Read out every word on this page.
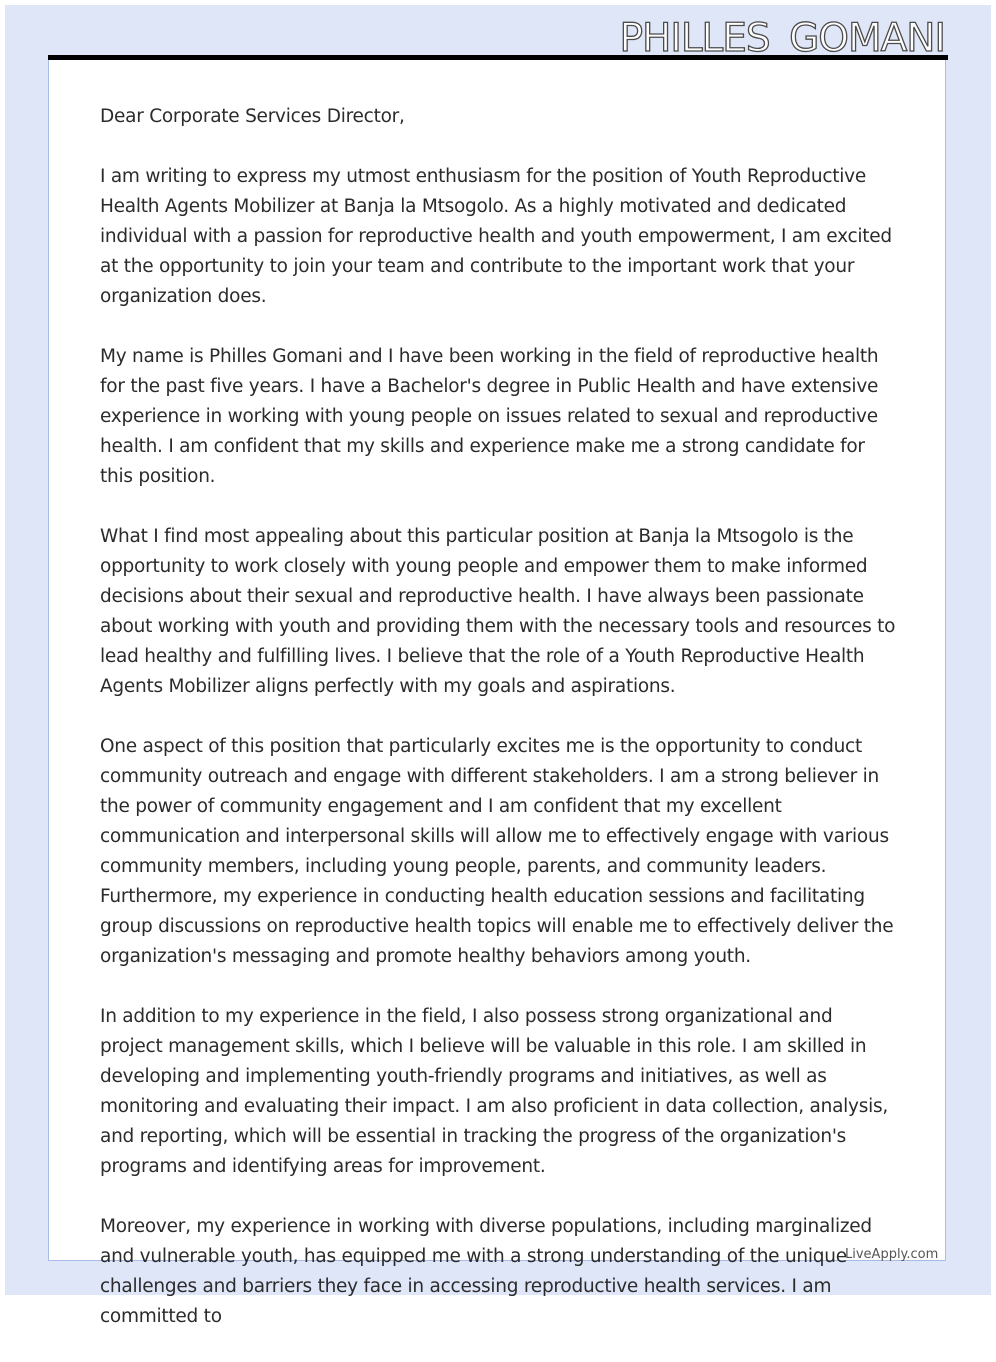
PHILLES GOMANI

Dear Corporate Services Director,

I am writing to express my utmost enthusiasm for the position of Youth Reproductive Health Agents Mobilizer at Banja la Mtsogolo. As a highly motivated and dedicated individual with a passion for reproductive health and youth empowerment, I am excited at the opportunity to join your team and contribute to the important work that your organization does.

My name is Philles Gomani and I have been working in the field of reproductive health for the past five years. I have a Bachelor's degree in Public Health and have extensive experience in working with young people on issues related to sexual and reproductive health. I am confident that my skills and experience make me a strong candidate for this position.

What I find most appealing about this particular position at Banja la Mtsogolo is the opportunity to work closely with young people and empower them to make informed decisions about their sexual and reproductive health. I have always been passionate about working with youth and providing them with the necessary tools and resources to lead healthy and fulfilling lives. I believe that the role of a Youth Reproductive Health Agents Mobilizer aligns perfectly with my goals and aspirations.

One aspect of this position that particularly excites me is the opportunity to conduct community outreach and engage with different stakeholders. I am a strong believer in the power of community engagement and I am confident that my excellent communication and interpersonal skills will allow me to effectively engage with various community members, including young people, parents, and community leaders. Furthermore, my experience in conducting health education sessions and facilitating group discussions on reproductive health topics will enable me to effectively deliver the organization's messaging and promote healthy behaviors among youth.

In addition to my experience in the field, I also possess strong organizational and project management skills, which I believe will be valuable in this role. I am skilled in developing and implementing youth-friendly programs and initiatives, as well as monitoring and evaluating their impact. I am also proficient in data collection, analysis, and reporting, which will be essential in tracking the progress of the organization's programs and identifying areas for improvement.

Moreover, my experience in working with diverse populations, including marginalized and vulnerable youth, has equipped me with a strong understanding of the unique challenges and barriers they face in accessing reproductive health services. I am committed to

LiveApply.com
